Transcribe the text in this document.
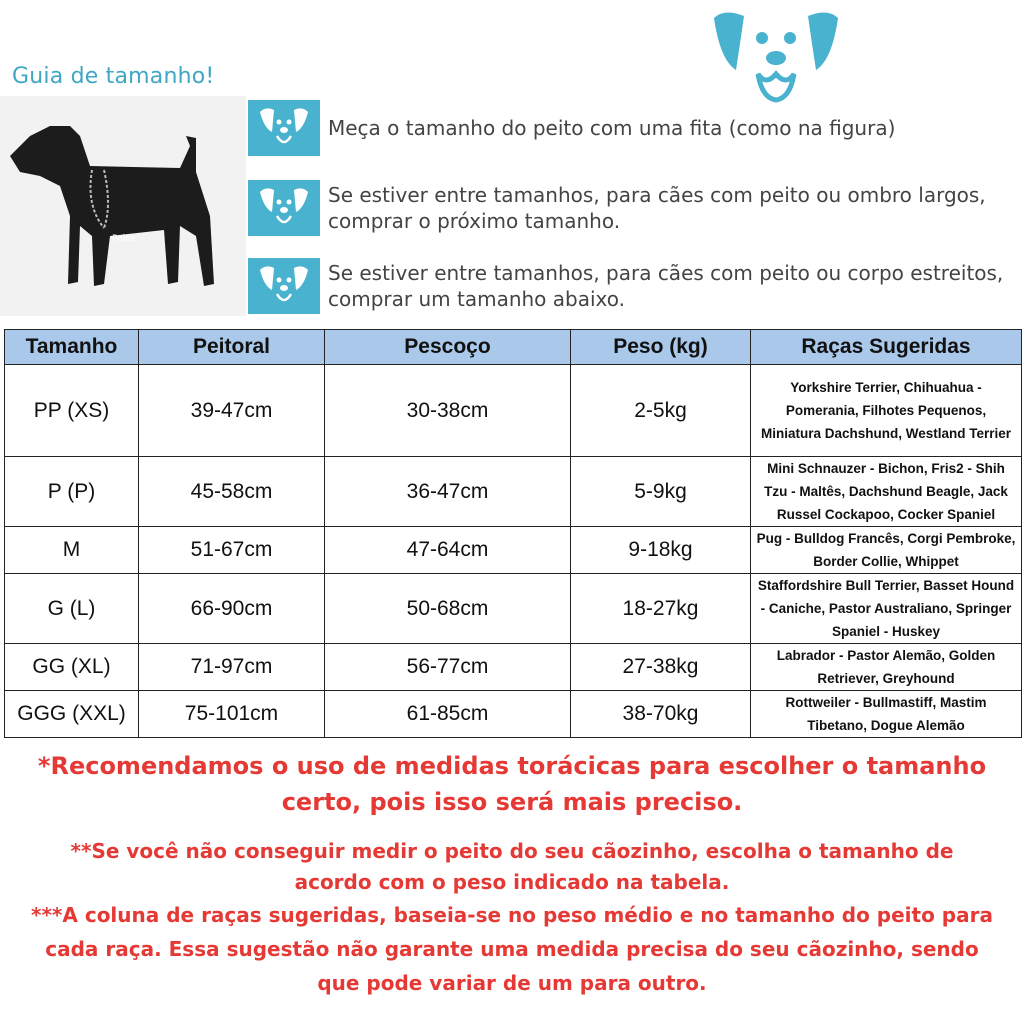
Guia de tamanho!
Peito
Meça o tamanho do peito com uma fita (como na figura)
Se estiver entre tamanhos, para cães com peito ou ombro largos, comprar o próximo tamanho.
Se estiver entre tamanhos, para cães com peito ou corpo estreitos, comprar um tamanho abaixo.
Tamanho	Peitoral	Pescoço	Peso (kg)	Raças Sugeridas
PP (XS)	39-47cm	30-38cm	2-5kg	Yorkshire Terrier, Chihuahua - Pomerania, Filhotes Pequenos, Miniatura Dachshund, Westland Terrier
P (P)	45-58cm	36-47cm	5-9kg	Mini Schnauzer - Bichon, Fris2 - Shih Tzu - Maltês, Dachshund Beagle, Jack Russel Cockapoo, Cocker Spaniel
M	51-67cm	47-64cm	9-18kg	Pug - Bulldog Francês, Corgi Pembroke, Border Collie, Whippet
G (L)	66-90cm	50-68cm	18-27kg	Staffordshire Bull Terrier, Basset Hound - Caniche, Pastor Australiano, Springer Spaniel - Huskey
GG (XL)	71-97cm	56-77cm	27-38kg	Labrador - Pastor Alemão, Golden Retriever, Greyhound
GGG (XXL)	75-101cm	61-85cm	38-70kg	Rottweiler - Bullmastiff, Mastim Tibetano, Dogue Alemão
*Recomendamos o uso de medidas torácicas para escolher o tamanho certo, pois isso será mais preciso.
**Se você não conseguir medir o peito do seu cãozinho, escolha o tamanho de acordo com o peso indicado na tabela.
***A coluna de raças sugeridas, baseia-se no peso médio e no tamanho do peito para cada raça. Essa sugestão não garante uma medida precisa do seu cãozinho, sendo que pode variar de um para outro.
